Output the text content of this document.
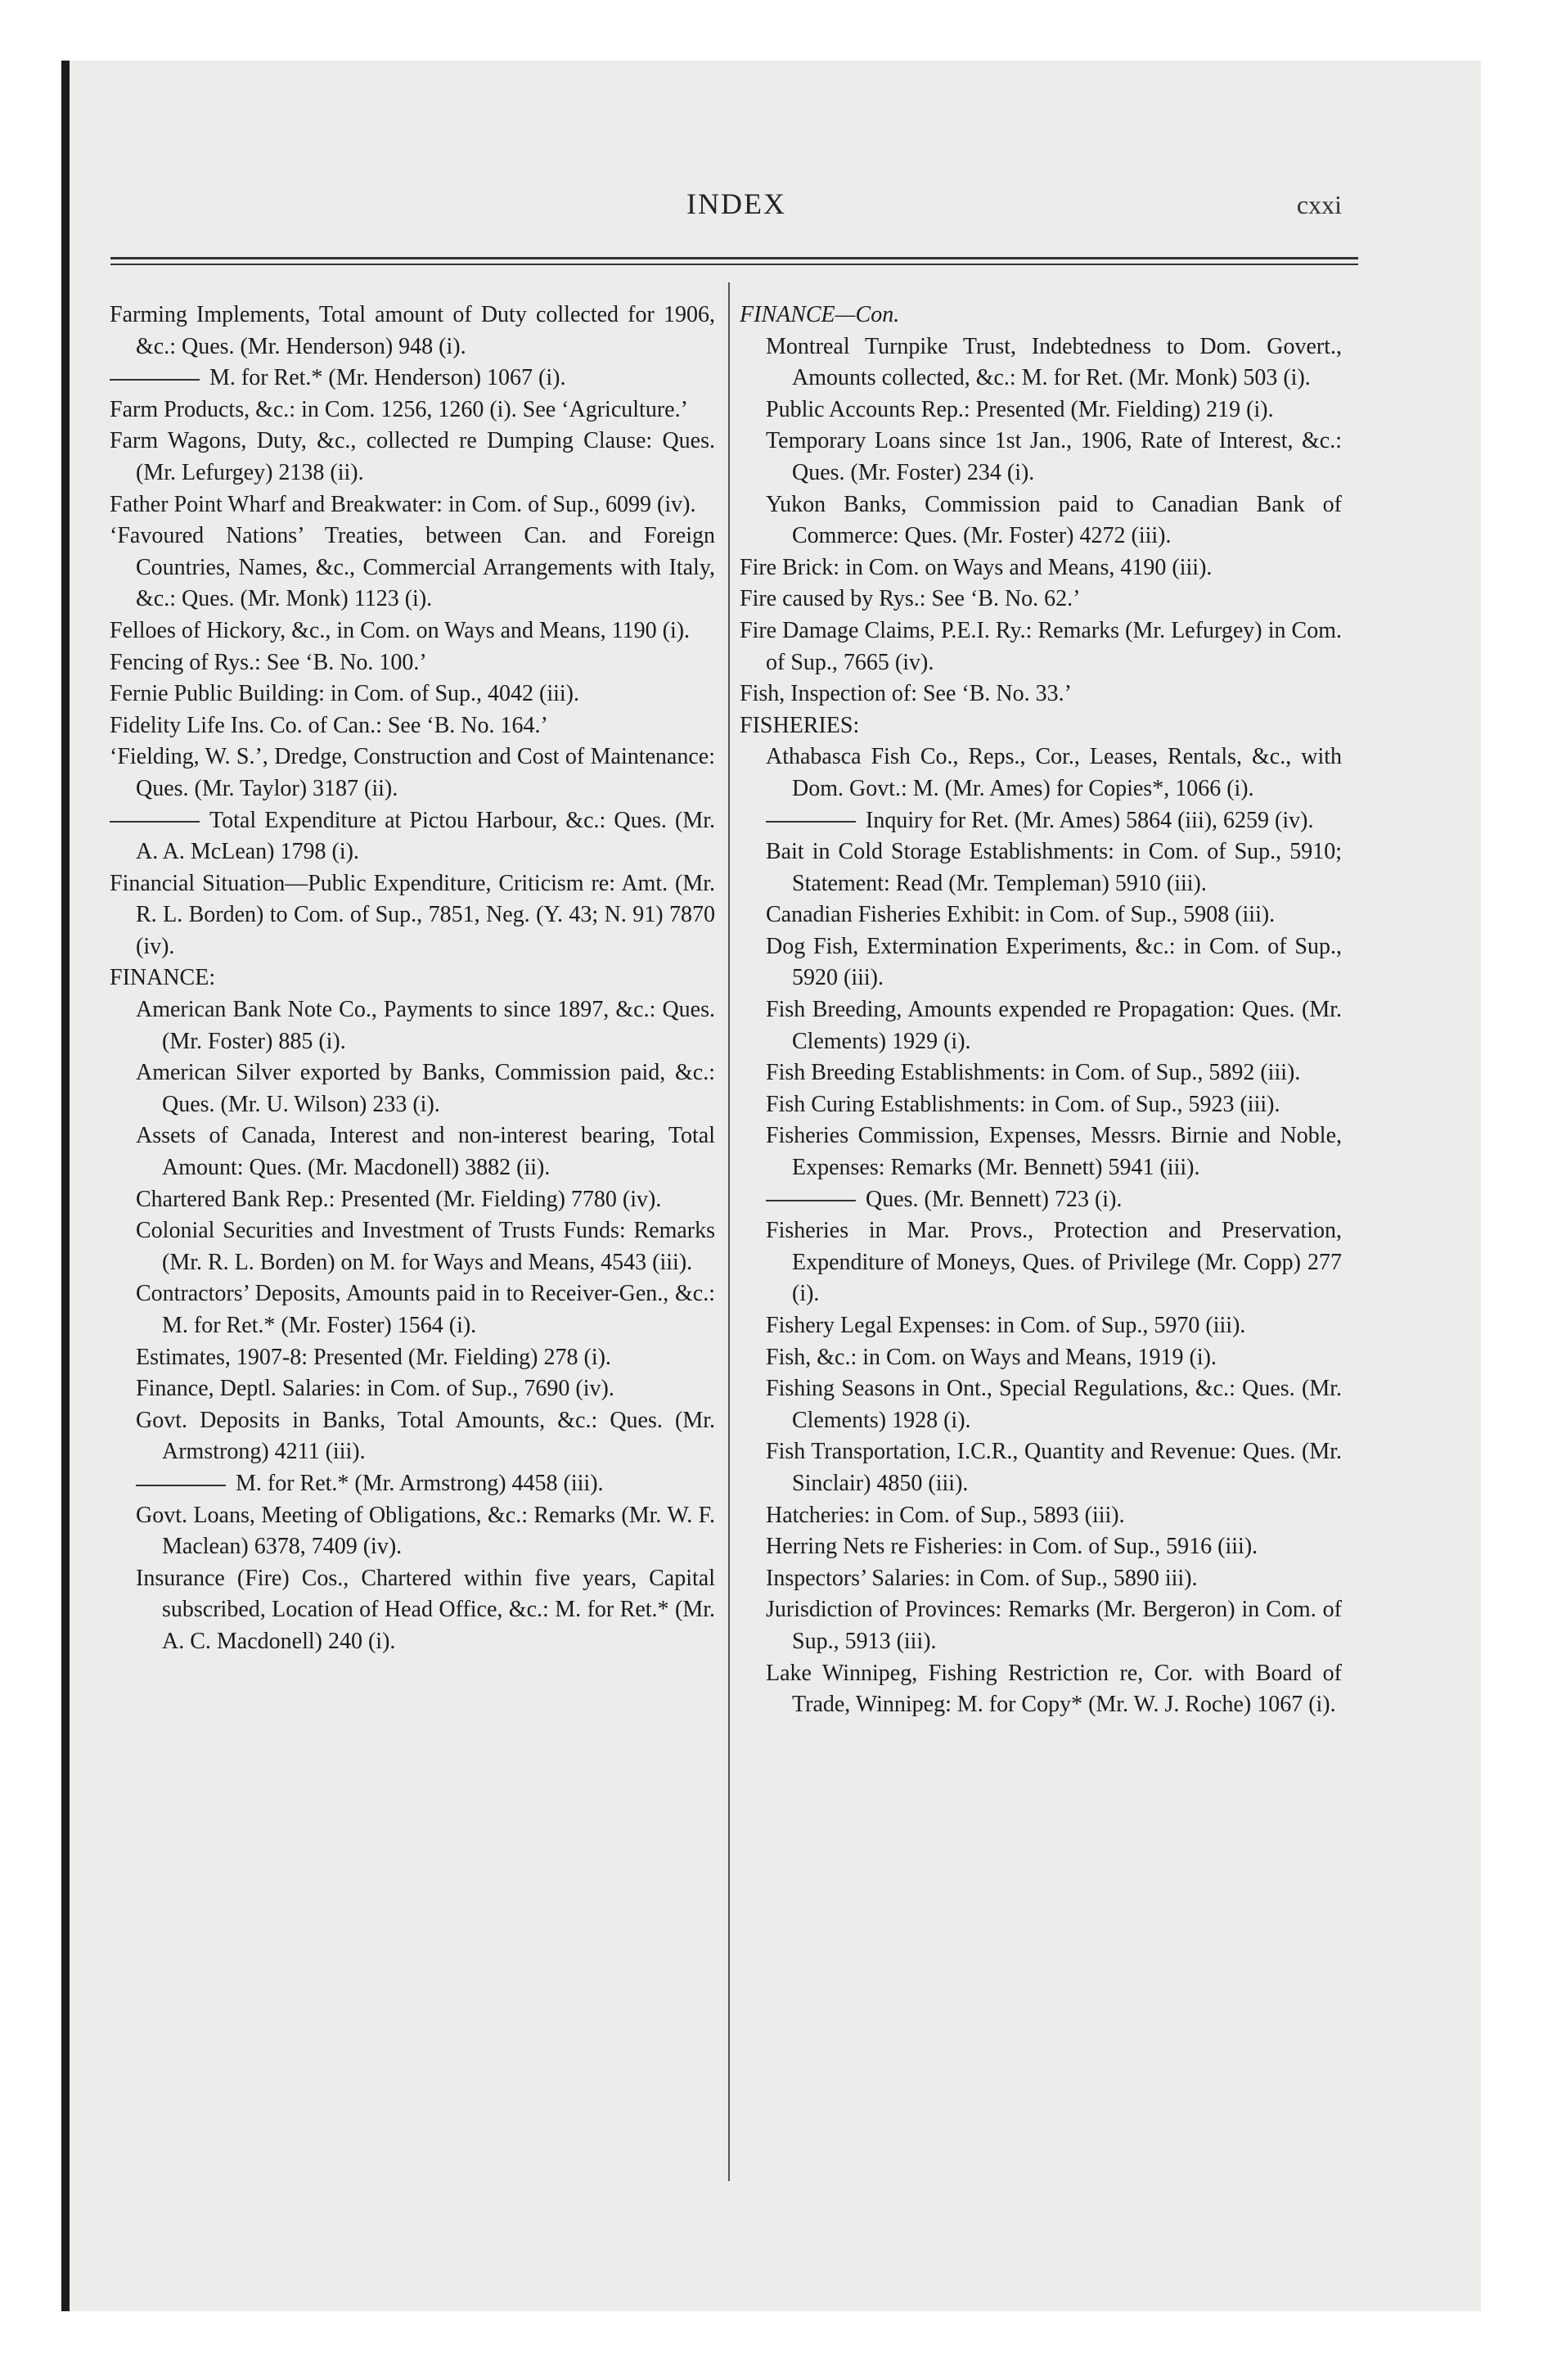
INDEX	cxxi

Farming Implements, Total amount of Duty collected for 1906, &c.: Ques. (Mr. Henderson) 948 (i).

M. for Ret.* (Mr. Henderson) 1067 (i).

Farm Products, &c.: in Com. 1256, 1260 (i). See ‘Agriculture.’

Farm Wagons, Duty, &c., collected re Dumping Clause: Ques. (Mr. Lefurgey) 2138 (ii).

Father Point Wharf and Breakwater: in Com. of Sup., 6099 (iv).

‘Favoured Nations’ Treaties, between Can. and Foreign Countries, Names, &c., Commercial Arrangements with Italy, &c.: Ques. (Mr. Monk) 1123 (i).

Felloes of Hickory, &c., in Com. on Ways and Means, 1190 (i).

Fencing of Rys.: See ‘B. No. 100.’

Fernie Public Building: in Com. of Sup., 4042 (iii).

Fidelity Life Ins. Co. of Can.: See ‘B. No. 164.’

‘Fielding, W. S.’, Dredge, Construction and Cost of Maintenance: Ques. (Mr. Taylor) 3187 (ii).

Total Expenditure at Pictou Harbour, &c.: Ques. (Mr. A. A. McLean) 1798 (i).

Financial Situation—Public Expenditure, Criticism re: Amt. (Mr. R. L. Borden) to Com. of Sup., 7851, Neg. (Y. 43; N. 91) 7870 (iv).

FINANCE:

American Bank Note Co., Payments to since 1897, &c.: Ques. (Mr. Foster) 885 (i).

American Silver exported by Banks, Commission paid, &c.: Ques. (Mr. U. Wilson) 233 (i).

Assets of Canada, Interest and non-interest bearing, Total Amount: Ques. (Mr. Macdonell) 3882 (ii).

Chartered Bank Rep.: Presented (Mr. Fielding) 7780 (iv).

Colonial Securities and Investment of Trusts Funds: Remarks (Mr. R. L. Borden) on M. for Ways and Means, 4543 (iii).

Contractors’ Deposits, Amounts paid in to Receiver-Gen., &c.: M. for Ret.* (Mr. Foster) 1564 (i).

Estimates, 1907-8: Presented (Mr. Fielding) 278 (i).

Finance, Deptl. Salaries: in Com. of Sup., 7690 (iv).

Govt. Deposits in Banks, Total Amounts, &c.: Ques. (Mr. Armstrong) 4211 (iii).

M. for Ret.* (Mr. Armstrong) 4458 (iii).

Govt. Loans, Meeting of Obligations, &c.: Remarks (Mr. W. F. Maclean) 6378, 7409 (iv).

Insurance (Fire) Cos., Chartered within five years, Capital subscribed, Location of Head Office, &c.: M. for Ret.* (Mr. A. C. Macdonell) 240 (i).

FINANCE—Con.

Montreal Turnpike Trust, Indebtedness to Dom. Govert., Amounts collected, &c.: M. for Ret. (Mr. Monk) 503 (i).

Public Accounts Rep.: Presented (Mr. Fielding) 219 (i).

Temporary Loans since 1st Jan., 1906, Rate of Interest, &c.: Ques. (Mr. Foster) 234 (i).

Yukon Banks, Commission paid to Canadian Bank of Commerce: Ques. (Mr. Foster) 4272 (iii).

Fire Brick: in Com. on Ways and Means, 4190 (iii).

Fire caused by Rys.: See ‘B. No. 62.’

Fire Damage Claims, P.E.I. Ry.: Remarks (Mr. Lefurgey) in Com. of Sup., 7665 (iv).

Fish, Inspection of: See ‘B. No. 33.’

FISHERIES:

Athabasca Fish Co., Reps., Cor., Leases, Rentals, &c., with Dom. Govt.: M. (Mr. Ames) for Copies*, 1066 (i).

Inquiry for Ret. (Mr. Ames) 5864 (iii), 6259 (iv).

Bait in Cold Storage Establishments: in Com. of Sup., 5910; Statement: Read (Mr. Templeman) 5910 (iii).

Canadian Fisheries Exhibit: in Com. of Sup., 5908 (iii).

Dog Fish, Extermination Experiments, &c.: in Com. of Sup., 5920 (iii).

Fish Breeding, Amounts expended re Propagation: Ques. (Mr. Clements) 1929 (i).

Fish Breeding Establishments: in Com. of Sup., 5892 (iii).

Fish Curing Establishments: in Com. of Sup., 5923 (iii).

Fisheries Commission, Expenses, Messrs. Birnie and Noble, Expenses: Remarks (Mr. Bennett) 5941 (iii).

Ques. (Mr. Bennett) 723 (i).

Fisheries in Mar. Provs., Protection and Preservation, Expenditure of Moneys, Ques. of Privilege (Mr. Copp) 277 (i).

Fishery Legal Expenses: in Com. of Sup., 5970 (iii).

Fish, &c.: in Com. on Ways and Means, 1919 (i).

Fishing Seasons in Ont., Special Regulations, &c.: Ques. (Mr. Clements) 1928 (i).

Fish Transportation, I.C.R., Quantity and Revenue: Ques. (Mr. Sinclair) 4850 (iii).

Hatcheries: in Com. of Sup., 5893 (iii).

Herring Nets re Fisheries: in Com. of Sup., 5916 (iii).

Inspectors’ Salaries: in Com. of Sup., 5890 iii).

Jurisdiction of Provinces: Remarks (Mr. Bergeron) in Com. of Sup., 5913 (iii).

Lake Winnipeg, Fishing Restriction re, Cor. with Board of Trade, Winnipeg: M. for Copy* (Mr. W. J. Roche) 1067 (i).
